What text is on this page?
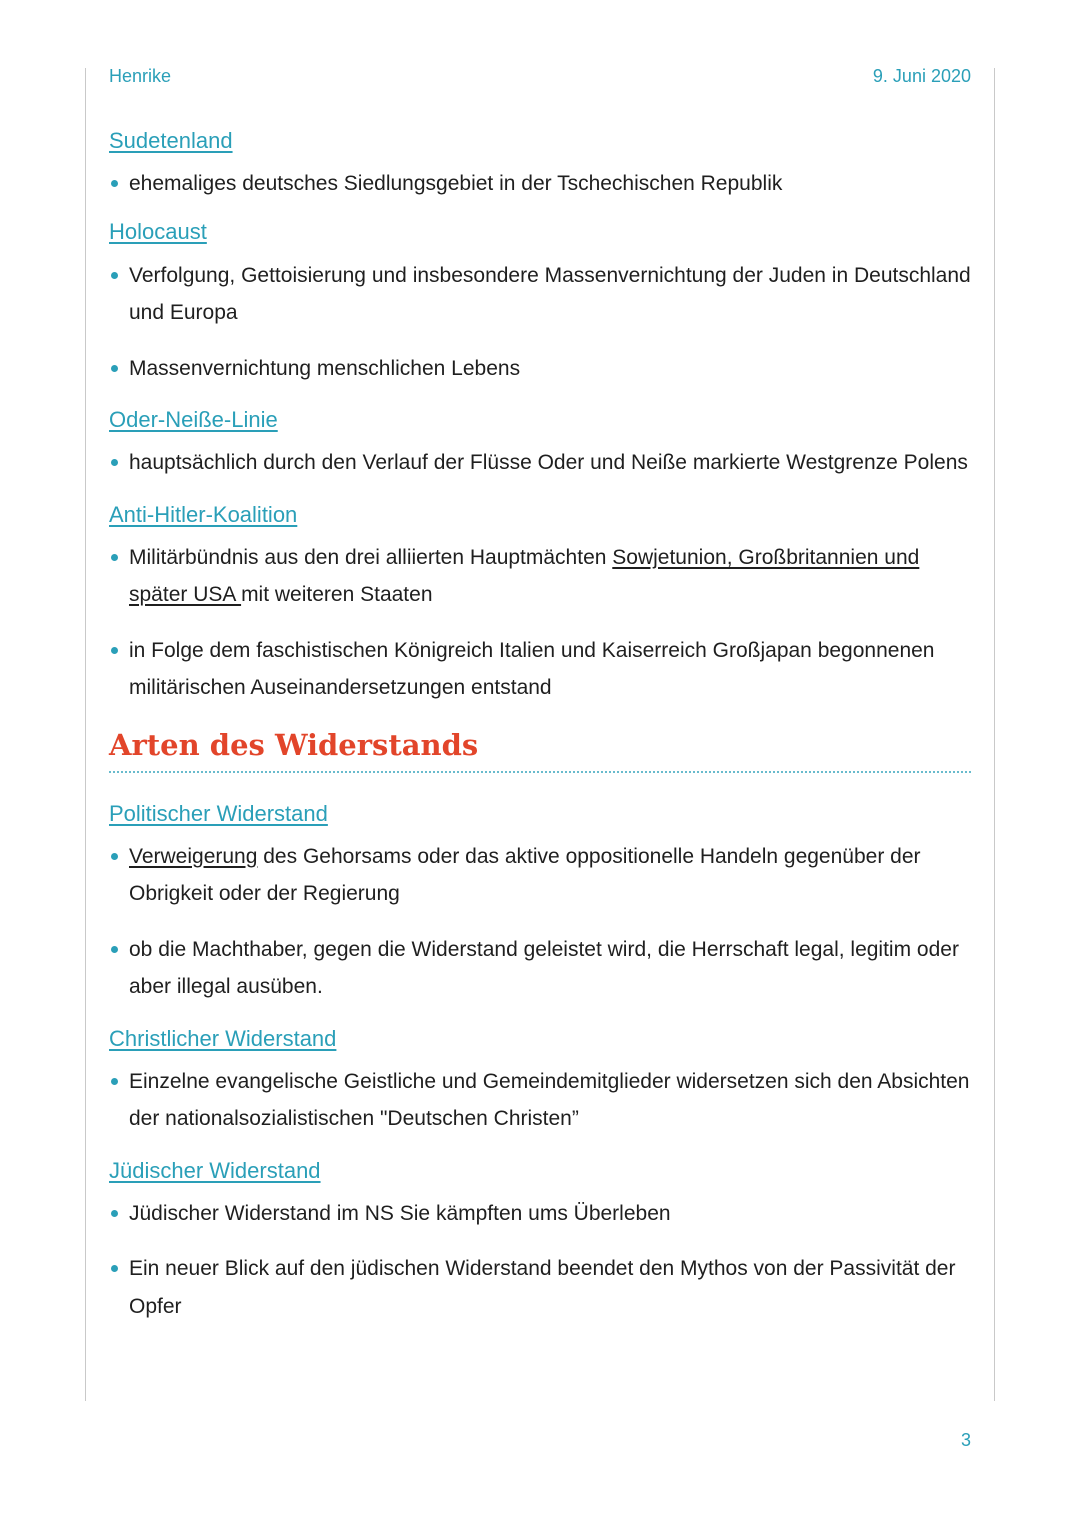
Henrike	9. Juni 2020
Sudetenland
ehemaliges deutsches Siedlungsgebiet in der Tschechischen Republik
Holocaust
Verfolgung, Gettoisierung und insbesondere Massenvernichtung der Juden in Deutschland und Europa
Massenvernichtung menschlichen Lebens
Oder-Neiße-Linie
hauptsächlich durch den Verlauf der Flüsse Oder und Neiße markierte Westgrenze Polens
Anti-Hitler-Koalition
Militärbündnis aus den drei alliierten Hauptmächten Sowjetunion, Großbritannien und später USA mit weiteren Staaten
in Folge dem faschistischen Königreich Italien und Kaiserreich Großjapan begonnenen militärischen Auseinandersetzungen entstand
Arten des Widerstands
Politischer Widerstand
Verweigerung des Gehorsams oder das aktive oppositionelle Handeln gegenüber der Obrigkeit oder der Regierung
ob die Machthaber, gegen die Widerstand geleistet wird, die Herrschaft legal, legitim oder aber illegal ausüben.
Christlicher Widerstand
Einzelne evangelische Geistliche und Gemeindemitglieder widersetzen sich den Absichten der nationalsozialistischen "Deutschen Christen”
Jüdischer Widerstand
Jüdischer Widerstand im NS Sie kämpften ums Überleben
Ein neuer Blick auf den jüdischen Widerstand beendet den Mythos von der Passivität der Opfer
3
